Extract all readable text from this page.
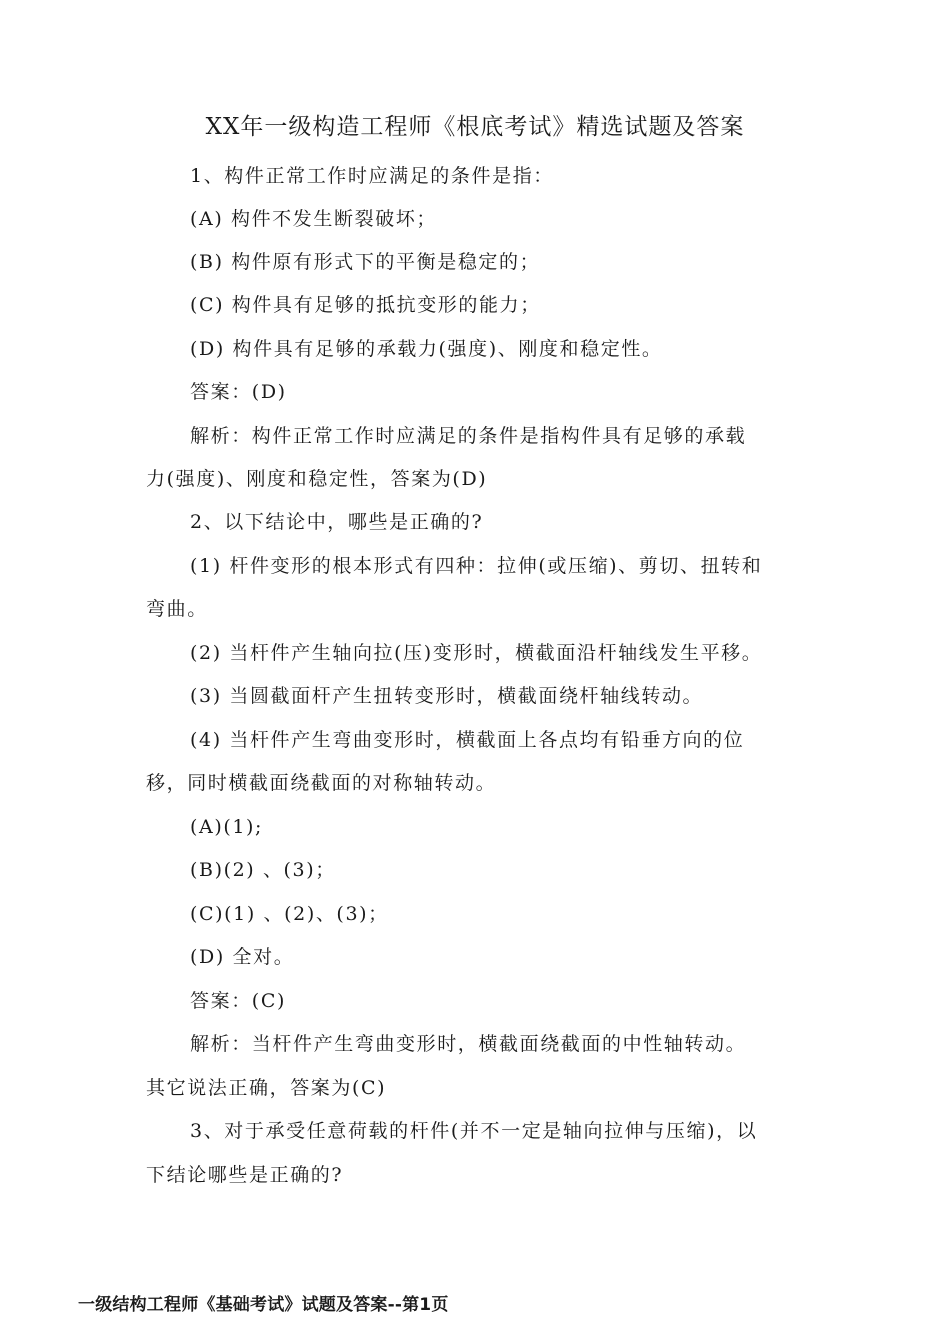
XX年一级构造工程师《根底考试》精选试题及答案
1、构件正常工作时应满足的条件是指：
(A) 构件不发生断裂破坏；
(B) 构件原有形式下的平衡是稳定的；
(C) 构件具有足够的抵抗变形的能力；
(D) 构件具有足够的承载力(强度)、刚度和稳定性。
答案：(D)
解析：构件正常工作时应满足的条件是指构件具有足够的承载
力(强度)、刚度和稳定性，答案为(D)
2、以下结论中，哪些是正确的?
(1) 杆件变形的根本形式有四种：拉伸(或压缩)、剪切、扭转和
弯曲。
(2) 当杆件产生轴向拉(压)变形时，横截面沿杆轴线发生平移。
(3) 当圆截面杆产生扭转变形时，横截面绕杆轴线转动。
(4) 当杆件产生弯曲变形时，横截面上各点均有铅垂方向的位
移，同时横截面绕截面的对称轴转动。
(A)(1);
(B)(2) 、(3)；
(C)(1) 、(2)、(3)；
(D) 全对。
答案：(C)
解析：当杆件产生弯曲变形时，横截面绕截面的中性轴转动。
其它说法正确，答案为(C)
3、对于承受任意荷载的杆件(并不一定是轴向拉伸与压缩)，以
下结论哪些是正确的?
一级结构工程师《基础考试》试题及答案--第1页
